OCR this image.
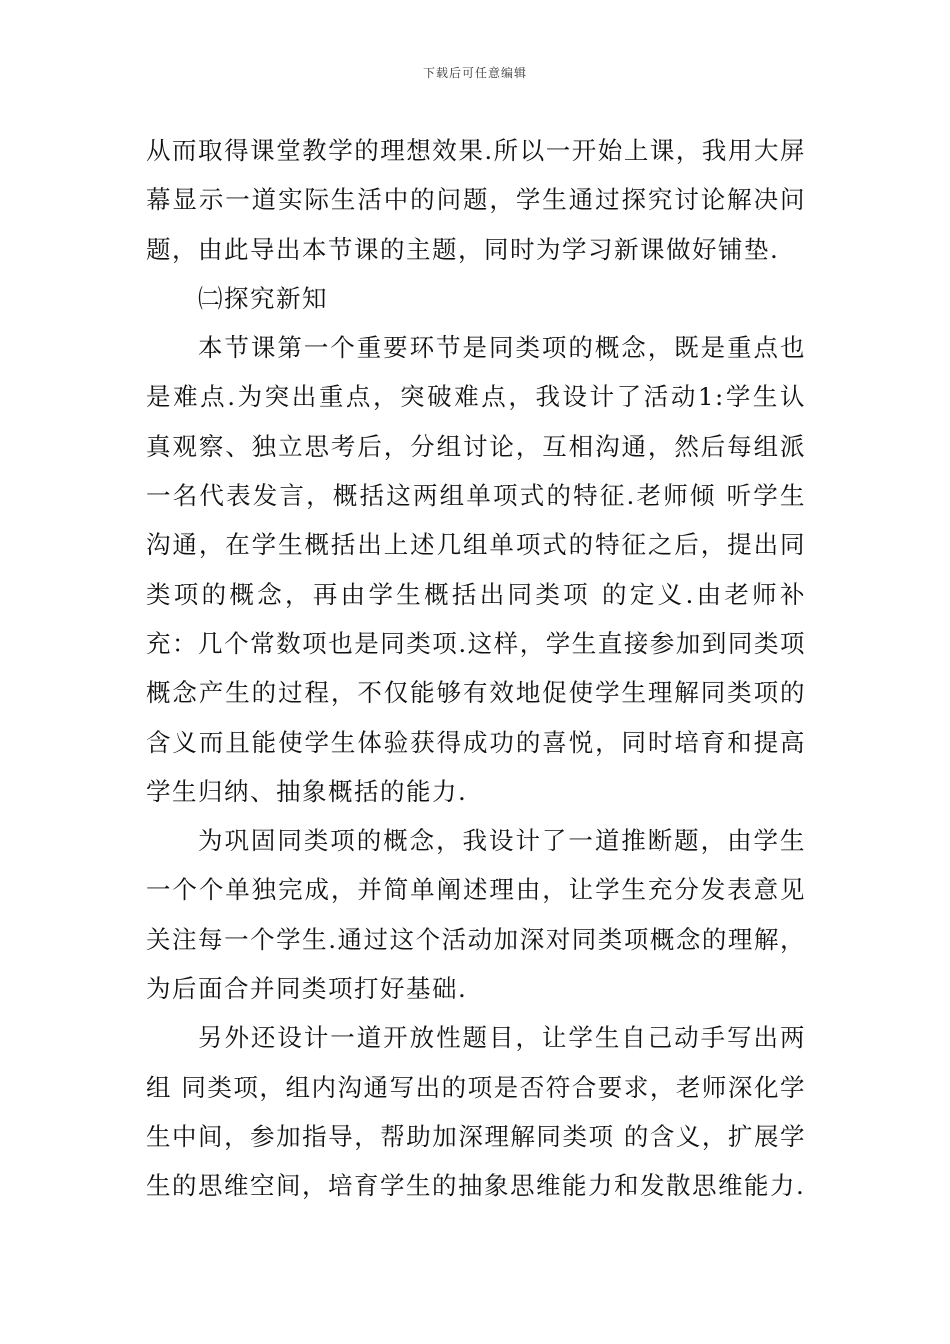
下载后可任意编辑

从而取得课堂教学的理想效果.所以一开始上课，我用大屏幕显示一道实际生活中的问题，学生通过探究讨论解决问题，由此导出本节课的主题，同时为学习新课做好铺垫.

㈡探究新知

本节课第一个重要环节是同类项的概念，既是重点也是难点.为突出重点，突破难点，我设计了活动1:学生认真观察、独立思考后，分组讨论，互相沟通，然后每组派一名代表发言，概括这两组单项式的特征.老师倾 听学生沟通，在学生概括出上述几组单项式的特征之后，提出同类项的概念，再由学生概括出同类项 的定义.由老师补充：几个常数项也是同类项.这样，学生直接参加到同类项概念产生的过程，不仅能够有效地促使学生理解同类项的含义而且能使学生体验获得成功的喜悦，同时培育和提高学生归纳、抽象概括的能力.

为巩固同类项的概念，我设计了一道推断题，由学生一个个单独完成，并简单阐述理由，让学生充分发表意见关注每一个学生.通过这个活动加深对同类项概念的理解，为后面合并同类项打好基础.

另外还设计一道开放性题目，让学生自己动手写出两组 同类项，组内沟通写出的项是否符合要求，老师深化学生中间，参加指导，帮助加深理解同类项 的含义，扩展学生的思维空间，培育学生的抽象思维能力和发散思维能力.
